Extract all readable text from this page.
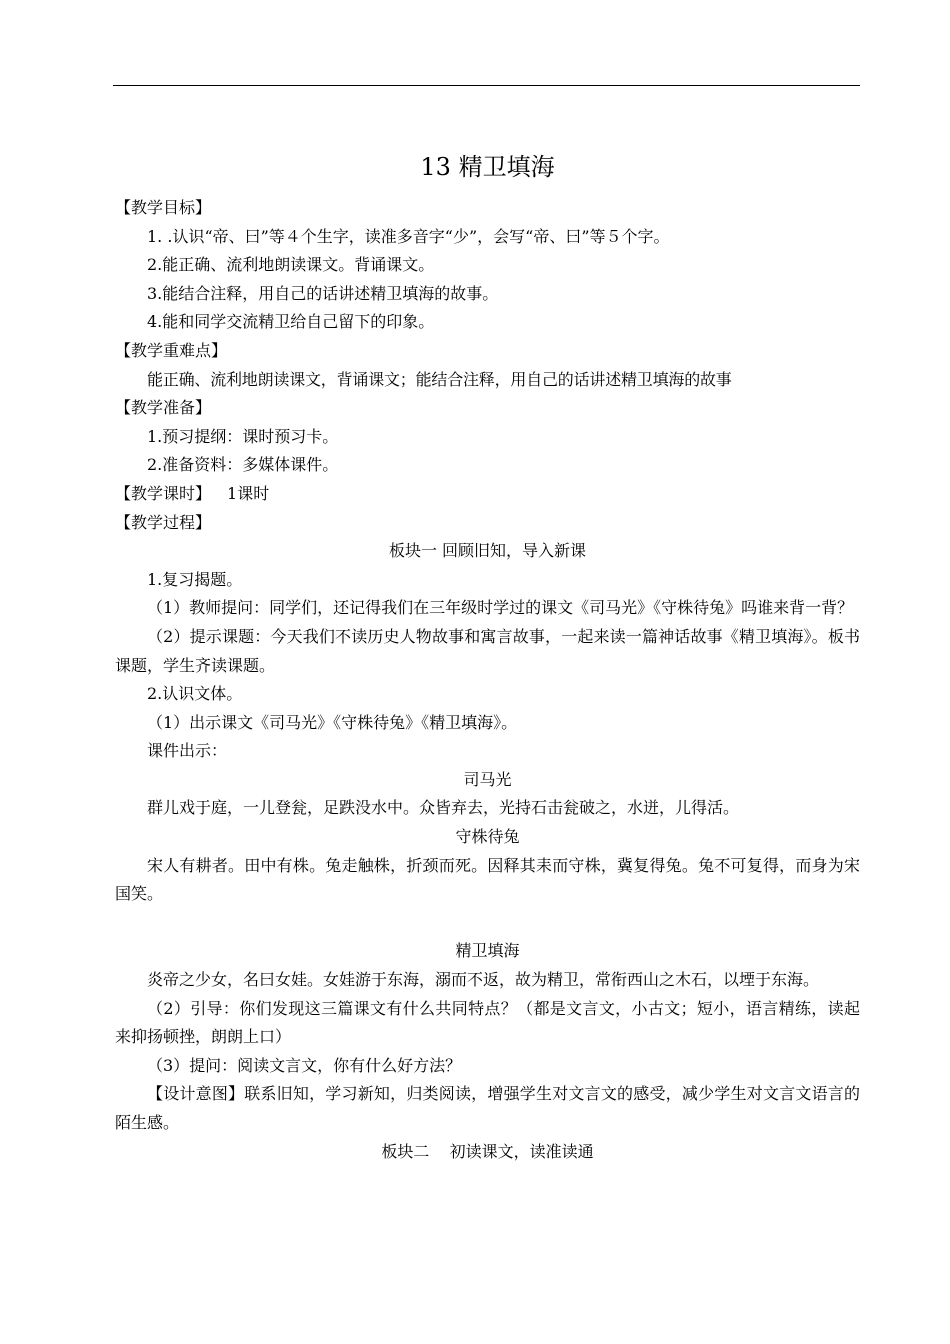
13 精卫填海

【教学目标】

1. .认识“帝、曰”等４个生字，读准多音字“少”，会写“帝、曰”等５个字。

2.能正确、流利地朗读课文。背诵课文。

3.能结合注释，用自己的话讲述精卫填海的故事。

4.能和同学交流精卫给自己留下的印象。

【教学重难点】

能正确、流利地朗读课文，背诵课文；能结合注释，用自己的话讲述精卫填海的故事

【教学准备】

1.预习提纲：课时预习卡。

2.准备资料：多媒体课件。

【教学课时】 1课时

【教学过程】

板块一 回顾旧知，导入新课

1.复习揭题。

（1）教师提问：同学们，还记得我们在三年级时学过的课文《司马光》《守株待兔》吗谁来背一背？

（2）提示课题：今天我们不读历史人物故事和寓言故事，一起来读一篇神话故事《精卫填海》。板书课题，学生齐读课题。

2.认识文体。

（1）出示课文《司马光》《守株待兔》《精卫填海》。

课件出示：

司马光

群儿戏于庭，一儿登瓮，足跌没水中。众皆弃去，光持石击瓮破之，水迸，儿得活。

守株待兔

宋人有耕者。田中有株。兔走触株，折颈而死。因释其耒而守株，冀复得兔。兔不可复得，而身为宋国笑。

精卫填海

炎帝之少女，名曰女娃。女娃游于东海，溺而不返，故为精卫，常衔西山之木石，以堙于东海。

（2）引导：你们发现这三篇课文有什么共同特点？（都是文言文，小古文；短小，语言精练，读起来抑扬顿挫，朗朗上口）

（3）提问：阅读文言文，你有什么好方法？

【设计意图】联系旧知，学习新知，归类阅读，增强学生对文言文的感受，减少学生对文言文语言的陌生感。

板块二    初读课文，读准读通
